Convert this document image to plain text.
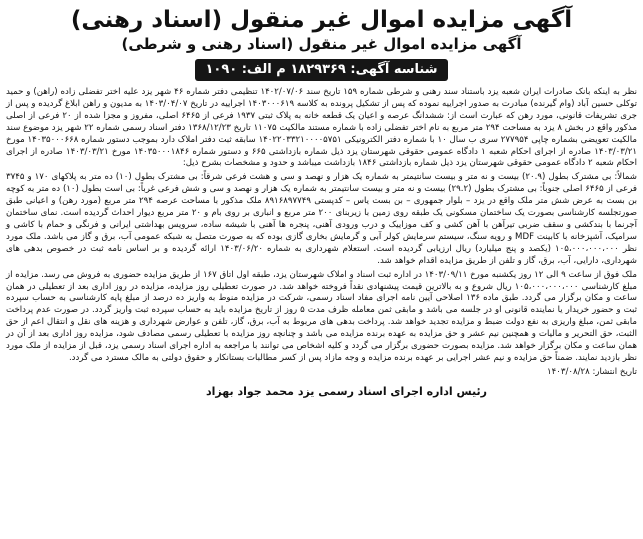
آگهی مزایده اموال غیر منقول (اسناد رهنی)
آگهی مزایده اموال غیر منقول (اسناد رهنی و شرطی)
شناسه آگهی: ۱۸۲۹۳۶۹ م الف: ۱۰۹۰

نظر به اینکه بانک صادرات ایران شعبه یزد باستناد سند رهنی و شرطی شماره ۱۵۹ تاریخ سند ۱۴۰۲/۰۷/۰۶ تنظیمی دفتر شماره ۴۶ شهر یزد علیه اختر تفضلی زاده (راهن) و حمید توکلی حسین آباد (وام گیرنده) مبادرت به صدور اجراییه نموده که پس از تشکیل پرونده به کلاسه ۱۴۰۳۰۰۰۶۱۹ اجراییه در تاریخ ۱۴۰۳/۰۴/۰۷ به مدیون و راهن ابلاغ گردیده و پس از جری تشریفات قانونی، مورد رهن که عبارت است از: ششدانگ عرصه و اعیان یک قطعه خانه به پلاک ثبتی ۱۹۳۷ فرعی از ۶۴۶۵ اصلی، مفروز و مجزا شده از ۲۰ فرعی از اصلی مذکور واقع در بخش ۸ یزد به مساحت ۲۹۴ متر مربع به نام اختر تفضلی زاده با شماره مستند مالکیت ۱۱۰۷۵ تاریخ ۱۳۶۸/۱۲/۲۳ دفتر اسناد رسمی شماره ۲۲ شهر یزد موضوع سند مالکیت تعویضی بشماره چاپی ۲۷۷۹۵۴ سری ب سال ۱۰ با شماره دفتر الکترونیکی ۱۴۰۲۲۰۳۳۲۱۰۰۰۰۵۷۵۱ سابقه ثبت دفتر املاک دارد بموجب دستور شماره ۱۴۰۳۵۰۰۰۶۶۸ مورخ ۱۴۰۳/۰۳/۲۱ صادره از اجرای احکام شعبه ۱ دادگاه عمومی حقوقی شهرستان یزد ذیل شماره بازداشتی ۶۶۵ و دستور شماره ۱۴۰۳۵۰۰۰۱۸۴۶ مورخ ۱۴۰۳/۰۳/۲۱ صادره از اجرای احکام شعبه ۲ دادگاه عمومی حقوقی شهرستان یزد ذیل شماره بازداشتی ۱۸۴۶ بازداشت میباشد و حدود و مشخصات بشرح ذیل:

شمالاً: بی مشترک بطول (۲۰.۹) بیست و نه متر و بیست سانتیمتر به شماره یک هزار و نهصد و سی و هشت فرعی شرقاً: بی مشترک بطول (۱۰) ده متر به پلاکهای ۱۷۰ و ۳۷۴۵ فرعی از ۶۴۶۵ اصلی جنوباً: بی مشترک بطول (۲۹.۲) بیست و نه متر و بیست سانتیمتر به شماره یک هزار و نهصد و سی و شش فرعی غرباً: بی است بطول (۱۰) ده متر به کوچه بن بست به عرض شش متر ملک واقع در یزد – بلوار جمهوری – بن بست یاس – کدپستی ۸۹۱۶۸۹۷۷۴۹ ملک مذکور با مساحت عرصه ۲۹۴ متر مربع (مورد رهن) و اعیانی طبق صورتجلسه کارشناسی بصورت یک ساختمان مسکونی یک طبقه روی زمین با زیربنای ۲۰۰ متر مربع و انباری بر روی بام و ۲۰ متر مربع دیوار احداث گردیده است. نمای ساختمان آجرنما با بندکشی و سقف ضربی تیرآهن با آهن کشی و کف موزاییک و درب ورودی آهنی، پنجره ها آهنی با شیشه ساده، سرویس بهداشتی ایرانی و فرنگی و حمام با کاشی و سرامیک، آشپزخانه با کابینت MDF و رویه سنگ، سیستم سرمایش کولر آبی و گرمایش بخاری گازی بوده که به صورت متصل به شبکه عمومی آب، برق و گاز می باشد. ملک مورد نظر ۱۰۵،۰۰۰،۰۰۰،۰۰۰ (یکصد و پنج میلیارد) ریال ارزیابی گردیده است. استعلام شهرداری به شماره ۱۴۰۳/۰۶/۲۰ ارائه گردیده و بر اساس نامه ثبت در خصوص بدهی های شهرداری، دارایی، آب، برق، گاز و تلفن از طریق مزایده اقدام خواهد شد.

ملک فوق از ساعت ۹ الی ۱۲ روز یکشنبه مورخ ۱۴۰۳/۰۹/۱۱ در اداره ثبت اسناد و املاک شهرستان یزد، طبقه اول اتاق ۱۶۷ از طریق مزایده حضوری به فروش می رسد. مزایده از مبلغ کارشناسی ۱۰۵،۰۰۰،۰۰۰،۰۰۰ ریال شروع و به بالاترین قیمت پیشنهادی نقداً فروخته خواهد شد. در صورت تعطیلی روز مزایده، مزایده در روز اداری بعد از تعطیلی در همان ساعت و مکان برگزار می گردد. طبق ماده ۱۳۶ اصلاحی آیین نامه اجرای مفاد اسناد رسمی، شرکت در مزایده منوط به واریز ده درصد از مبلغ پایه کارشناسی به حساب سپرده ثبت و حضور خریدار یا نماینده قانونی او در جلسه می باشد و مابقی ثمن معامله ظرف مدت ۵ روز از تاریخ مزایده باید به حساب سپرده ثبت واریز گردد. در صورت عدم پرداخت مابقی ثمن، مبلغ واریزی به نفع دولت ضبط و مزایده تجدید خواهد شد. پرداخت بدهی های مربوط به آب، برق، گاز، تلفن و عوارض شهرداری و هزینه های نقل و انتقال اعم از حق الثبت، حق التحریر و مالیات و همچنین نیم عشر و حق مزایده به عهده برنده مزایده می باشد و چنانچه روز مزایده با تعطیلی رسمی مصادف شود، مزایده روز اداری بعد از آن در همان ساعت و مکان برگزار خواهد شد. مزایده بصورت حضوری برگزار می گردد و کلیه اشخاص می توانند با مراجعه به اداره اجرای اسناد رسمی یزد، قبل از مزایده از ملک مورد نظر بازدید نمایند. ضمناً حق مزایده و نیم عشر اجرایی بر عهده برنده مزایده و وجه مازاد پس از کسر مطالبات بستانکار و حقوق دولتی به مالک مسترد می گردد.

تاریخ انتشار: ۱۴۰۳/۰۸/۲۸

رئیس اداره اجرای اسناد رسمی یزد محمد جواد بهزاد
